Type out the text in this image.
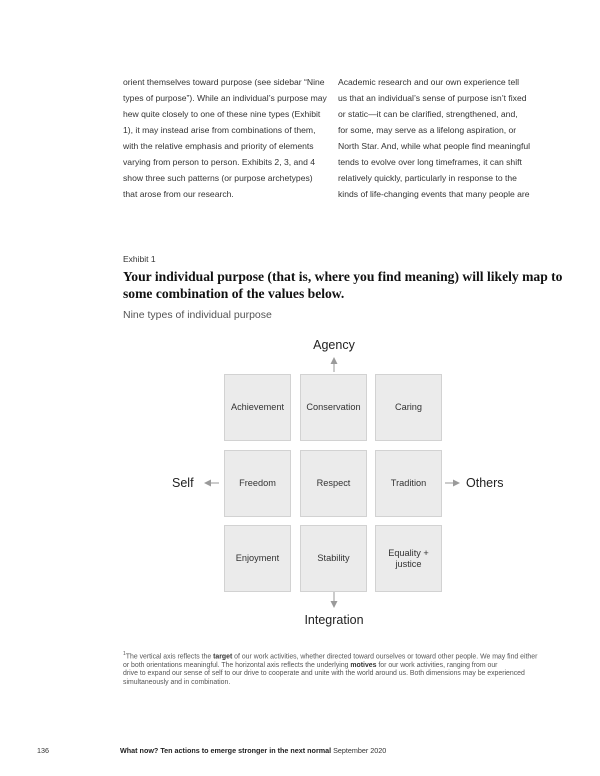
orient themselves toward purpose (see sidebar “Nine
types of purpose”). While an individual’s purpose may
hew quite closely to one of these nine types (Exhibit
1), it may instead arise from combinations of them,
with the relative emphasis and priority of elements
varying from person to person. Exhibits 2, 3, and 4
show three such patterns (or purpose archetypes)
that arose from our research.
Academic research and our own experience tell
us that an individual’s sense of purpose isn’t fixed
or static—it can be clarified, strengthened, and,
for some, may serve as a lifelong aspiration, or
North Star. And, while what people find meaningful
tends to evolve over long timeframes, it can shift
relatively quickly, particularly in response to the
kinds of life-changing events that many people are
Exhibit 1
Your individual purpose (that is, where you find meaning) will likely map to
some combination of the values below.
Nine types of individual purpose
Agency
Integration
Self	Others
Achievement	Conservation	Caring
Freedom	Respect	Tradition
Enjoyment	Stability
Equality + justice
$^1$The vertical axis reflects the target of our work activities, whether directed toward ourselves or toward other people. We may find either
or both orientations meaningful. The horizontal axis reflects the underlying motives for our work activities, ranging from our
drive to expand our sense of self to our drive to cooperate and unite with the world around us. Both dimensions may be experienced
simultaneously and in combination.
136	What now? Ten actions to emerge stronger in the next normal September 2020
